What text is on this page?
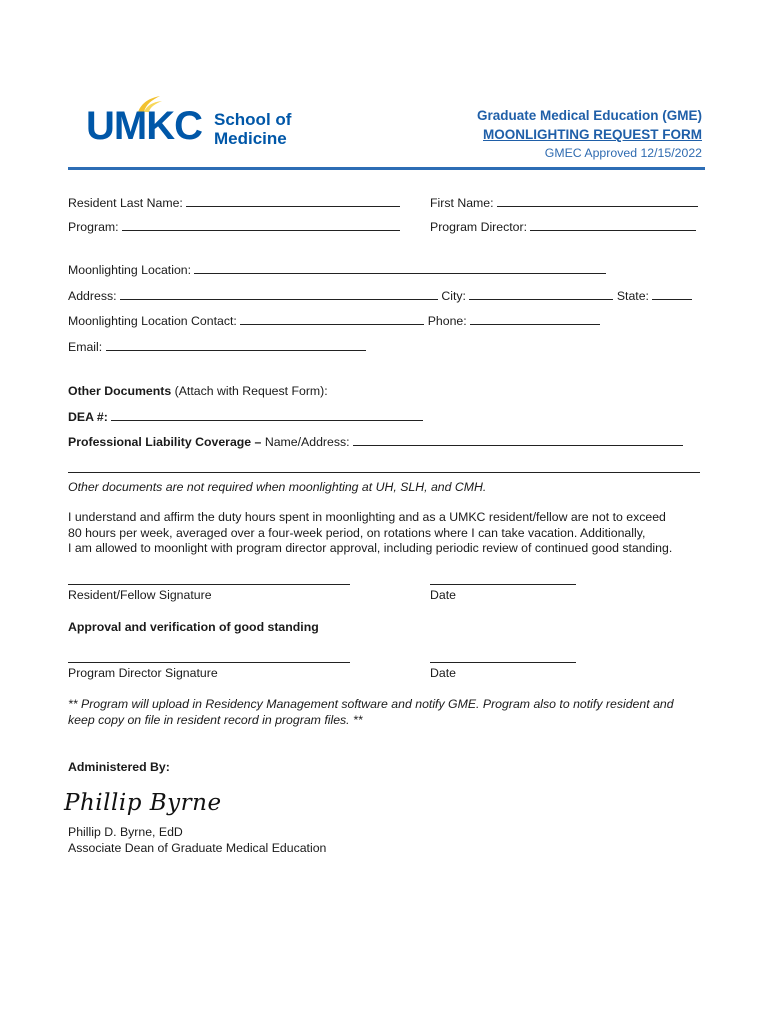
UMKC School of
Medicine
Graduate Medical Education (GME)
MOONLIGHTING REQUEST FORM
GMEC Approved 12/15/2022
Resident Last Name:	First Name:
Program:	Program Director:
Moonlighting Location:
Address:	City:	State:
Moonlighting Location Contact:	Phone:
Email:
Other Documents (Attach with Request Form):
DEA #:
Professional Liability Coverage – Name/Address:
Other documents are not required when moonlighting at UH, SLH, and CMH.
I understand and affirm the duty hours spent in moonlighting and as a UMKC resident/fellow are not to exceed
80 hours per week, averaged over a four-week period, on rotations where I can take vacation. Additionally,
I am allowed to moonlight with program director approval, including periodic review of continued good standing.
Resident/Fellow Signature	Date
Approval and verification of good standing
Program Director Signature	Date
** Program will upload in Residency Management software and notify GME. Program also to notify resident and
keep copy on file in resident record in program files. **
Administered By:
Phillip Byrne
Phillip D. Byrne, EdD
Associate Dean of Graduate Medical Education
